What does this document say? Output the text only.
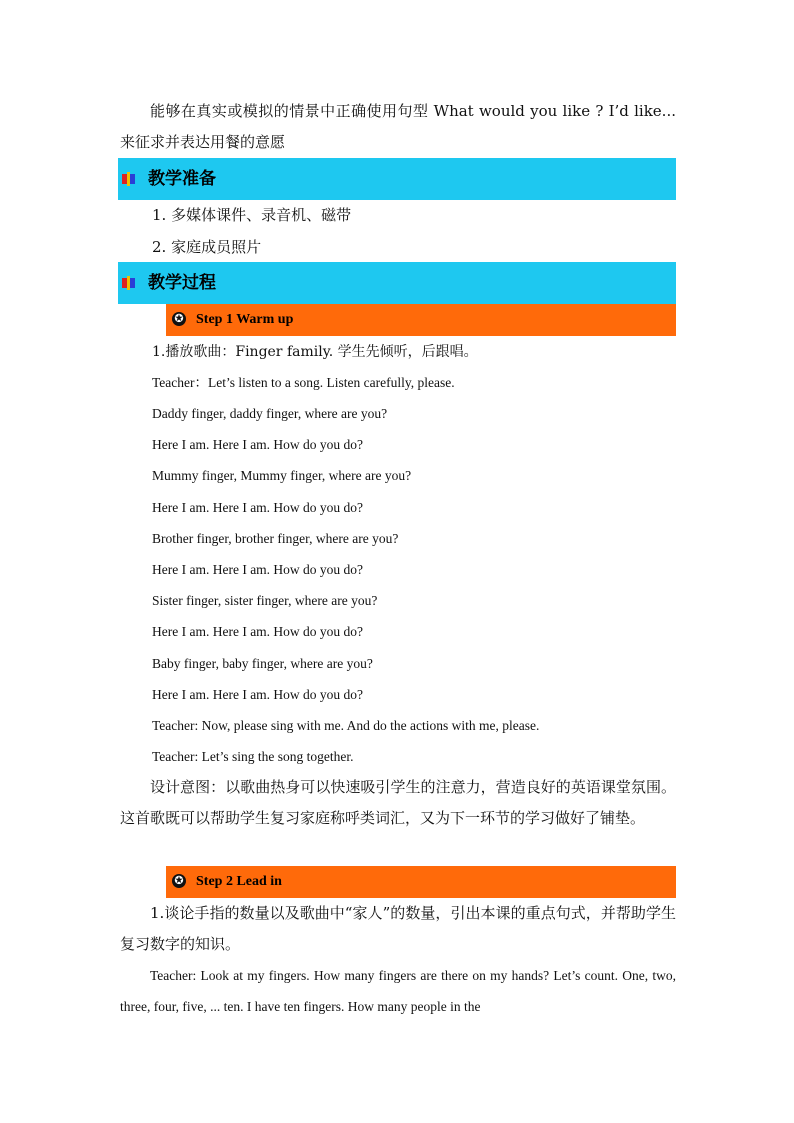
能够在真实或模拟的情景中正确使用句型 What would you like ? I’d like... 来征求并表达用餐的意愿
教学准备
1. 多媒体课件、录音机、磁带
2. 家庭成员照片
教学过程
✪ Step 1 Warm up
1.播放歌曲：Finger family. 学生先倾听，后跟唱。
Teacher：Let’s listen to a song. Listen carefully, please.
Daddy finger, daddy finger, where are you?
Here I am. Here I am. How do you do?
Mummy finger, Mummy finger, where are you?
Here I am. Here I am. How do you do?
Brother finger, brother finger, where are you?
Here I am. Here I am. How do you do?
Sister finger, sister finger, where are you?
Here I am. Here I am. How do you do?
Baby finger, baby finger, where are you?
Here I am. Here I am. How do you do?
Teacher: Now, please sing with me. And do the actions with me, please.
Teacher: Let’s sing the song together.
设计意图：以歌曲热身可以快速吸引学生的注意力，营造良好的英语课堂氛围。这首歌既可以帮助学生复习家庭称呼类词汇，又为下一环节的学习做好了铺垫。
✪ Step 2 Lead in
1.谈论手指的数量以及歌曲中“家人”的数量，引出本课的重点句式，并帮助学生复习数字的知识。
Teacher: Look at my fingers. How many fingers are there on my hands? Let’s count. One, two, three, four, five, ... ten. I have ten fingers. How many people in the
